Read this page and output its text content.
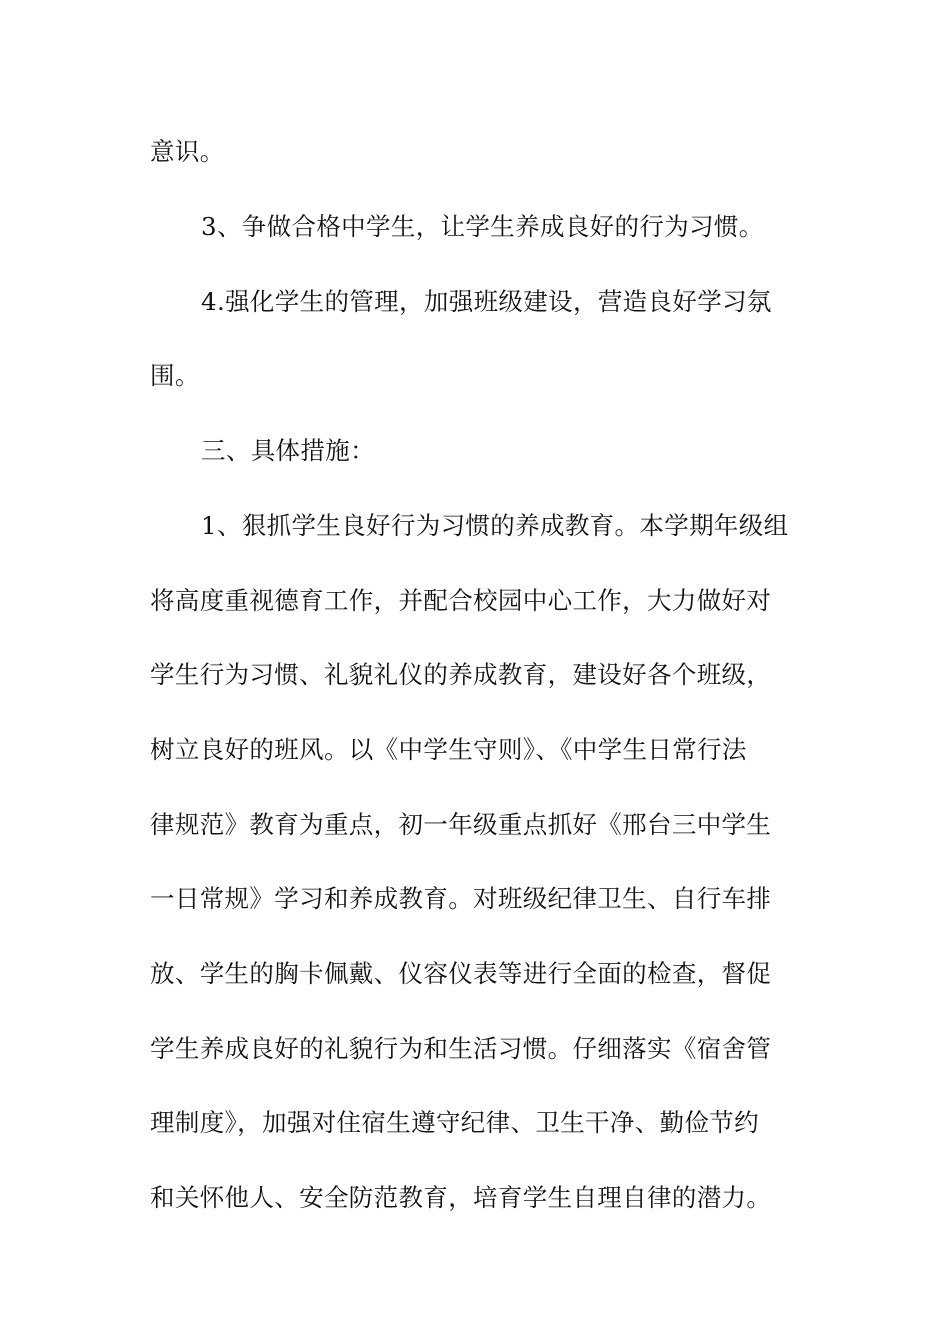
意识。
3、争做合格中学生，让学生养成良好的行为习惯。
4.强化学生的管理，加强班级建设，营造良好学习氛
围。
三、具体措施：
1、狠抓学生良好行为习惯的养成教育。本学期年级组
将高度重视德育工作，并配合校园中心工作，大力做好对
学生行为习惯、礼貌礼仪的养成教育，建设好各个班级，
树立良好的班风。以《中学生守则》、《中学生日常行法
律规范》教育为重点，初一年级重点抓好《邢台三中学生
一日常规》学习和养成教育。对班级纪律卫生、自行车排
放、学生的胸卡佩戴、仪容仪表等进行全面的检查，督促
学生养成良好的礼貌行为和生活习惯。仔细落实《宿舍管
理制度》，加强对住宿生遵守纪律、卫生干净、勤俭节约
和关怀他人、安全防范教育，培育学生自理自律的潜力。
